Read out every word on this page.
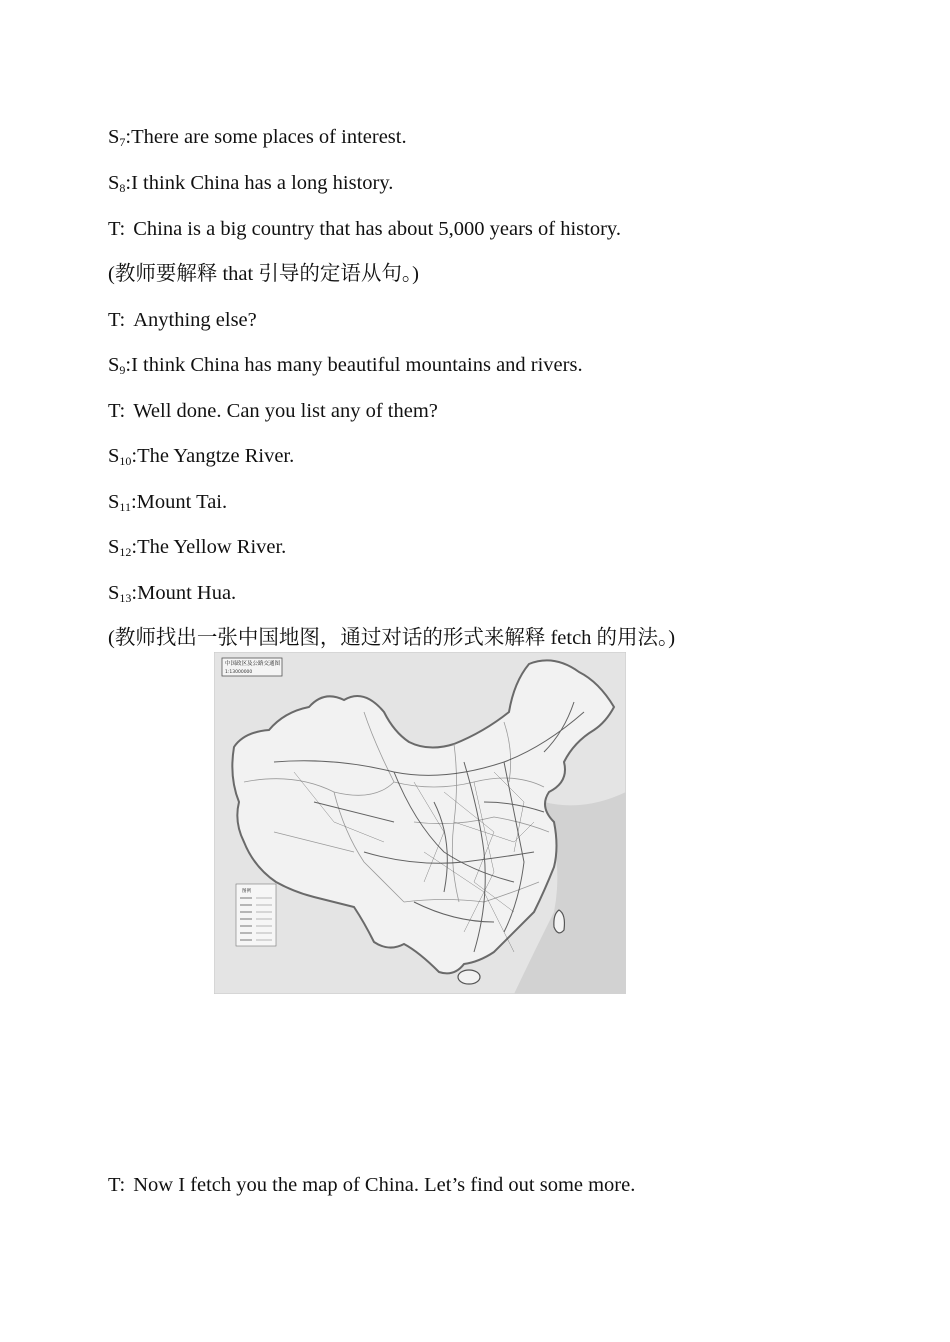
$S_7:There$ are some places of interest.
$S_8:I$ think China has a long history.
T: China is a big country that has about 5,000 years of history.
(教师要解释 that 引导的定语从句。)
T: Anything else?
$S_9:I$ think China has many beautiful mountains and rivers.
T: Well done. Can you list any of them?
$S_{10}:The$ Yangtze River.
$S_{11}:Mount$ Tai.
$S_{12}:The$ Yellow River.
$S_{13}:Mount$ Hua.
(教师找出一张中国地图，通过对话的形式来解释 fetch 的用法。)
中国政区及公路交通图
1:13000000
图例
T: Now I fetch you the map of China. Let’s find out some more.
